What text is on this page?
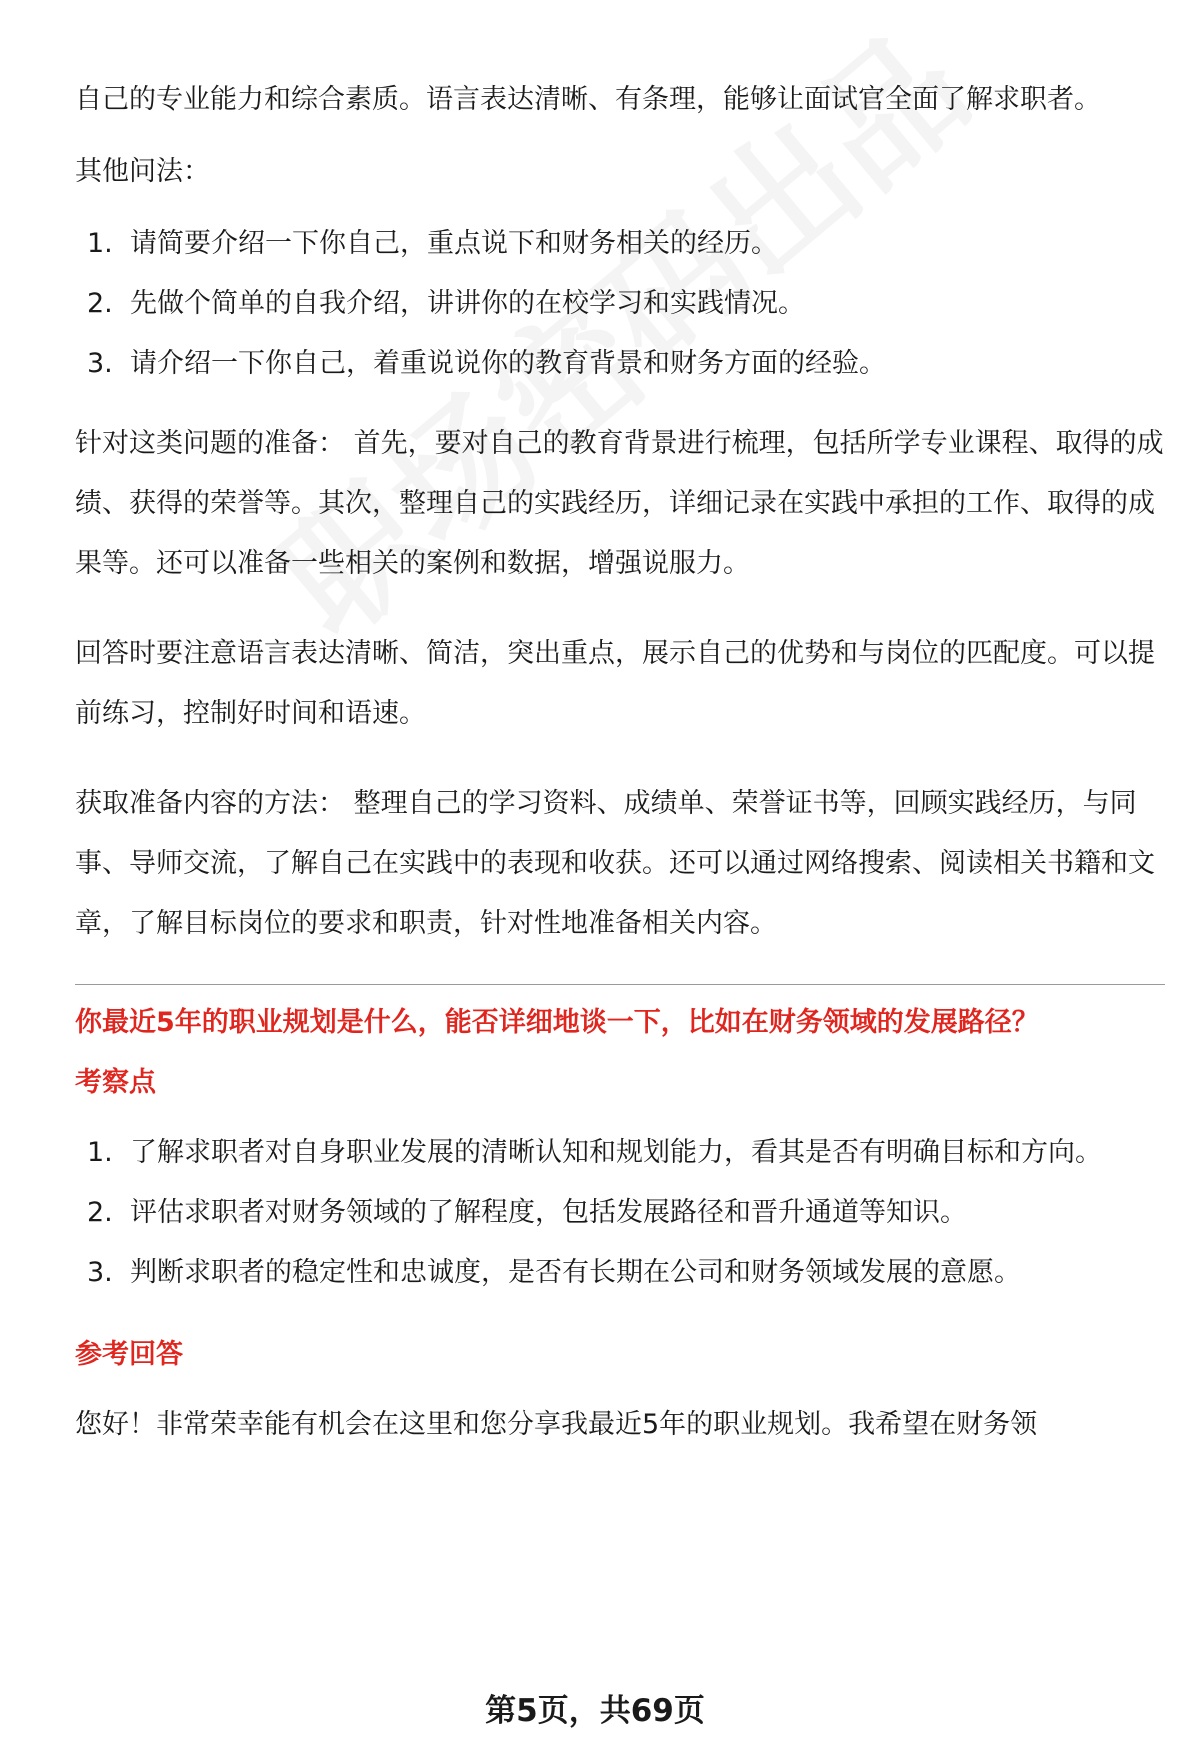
自己的专业能力和综合素质。语言表达清晰、有条理，能够让面试官全面了解求职者。

其他问法：

1. 请简要介绍一下你自己，重点说下和财务相关的经历。
2. 先做个简单的自我介绍，讲讲你的在校学习和实践情况。
3. 请介绍一下你自己，着重说说你的教育背景和财务方面的经验。

针对这类问题的准备： 首先，要对自己的教育背景进行梳理，包括所学专业课程、取得的成绩、获得的荣誉等。其次，整理自己的实践经历，详细记录在实践中承担的工作、取得的成果等。还可以准备一些相关的案例和数据，增强说服力。

回答时要注意语言表达清晰、简洁，突出重点，展示自己的优势和与岗位的匹配度。可以提前练习，控制好时间和语速。

获取准备内容的方法： 整理自己的学习资料、成绩单、荣誉证书等，回顾实践经历，与同事、导师交流，了解自己在实践中的表现和收获。还可以通过网络搜索、阅读相关书籍和文章，了解目标岗位的要求和职责，针对性地准备相关内容。

你最近5年的职业规划是什么，能否详细地谈一下，比如在财务领域的发展路径？
考察点
1. 了解求职者对自身职业发展的清晰认知和规划能力，看其是否有明确目标和方向。
2. 评估求职者对财务领域的了解程度，包括发展路径和晋升通道等知识。
3. 判断求职者的稳定性和忠诚度，是否有长期在公司和财务领域发展的意愿。
参考回答

您好！非常荣幸能有机会在这里和您分享我最近5年的职业规划。我希望在财务领

第5页，共69页
